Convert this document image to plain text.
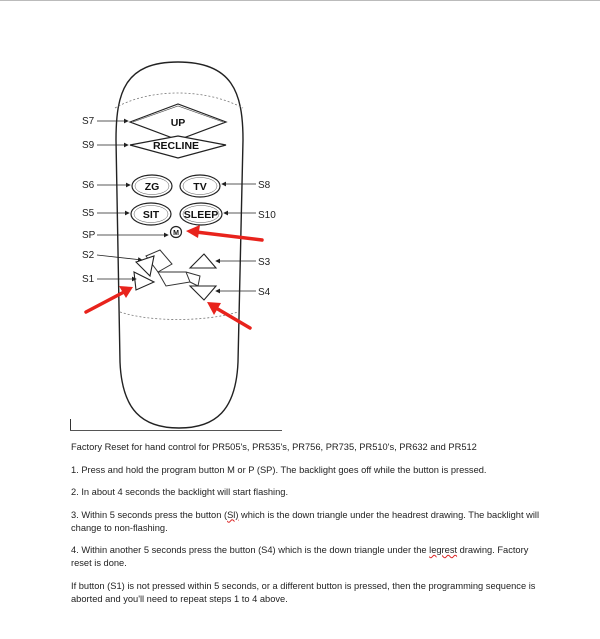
UP
RECLINE
ZG	TV
SIT SLEEP
M
S7
S9
S6
S5
SP
S2
S1
S8
S10
S3
S4

Factory Reset for hand control for PR505's, PR535's, PR756, PR735, PR510's, PR632 and PR512

1. Press and hold the program button M or P (SP). The backlight goes off while the button is pressed.

2. In about 4 seconds the backlight will start flashing.

3. Within 5 seconds press the button (Sl) which is the down triangle under the headrest drawing. The backlight will change to non-flashing.

4. Within another 5 seconds press the button (S4) which is the down triangle under the legrest drawing. Factory reset is done.

If button (S1) is not pressed within 5 seconds, or a different button is pressed, then the programming sequence is aborted and you'll need to repeat steps 1 to 4 above.
